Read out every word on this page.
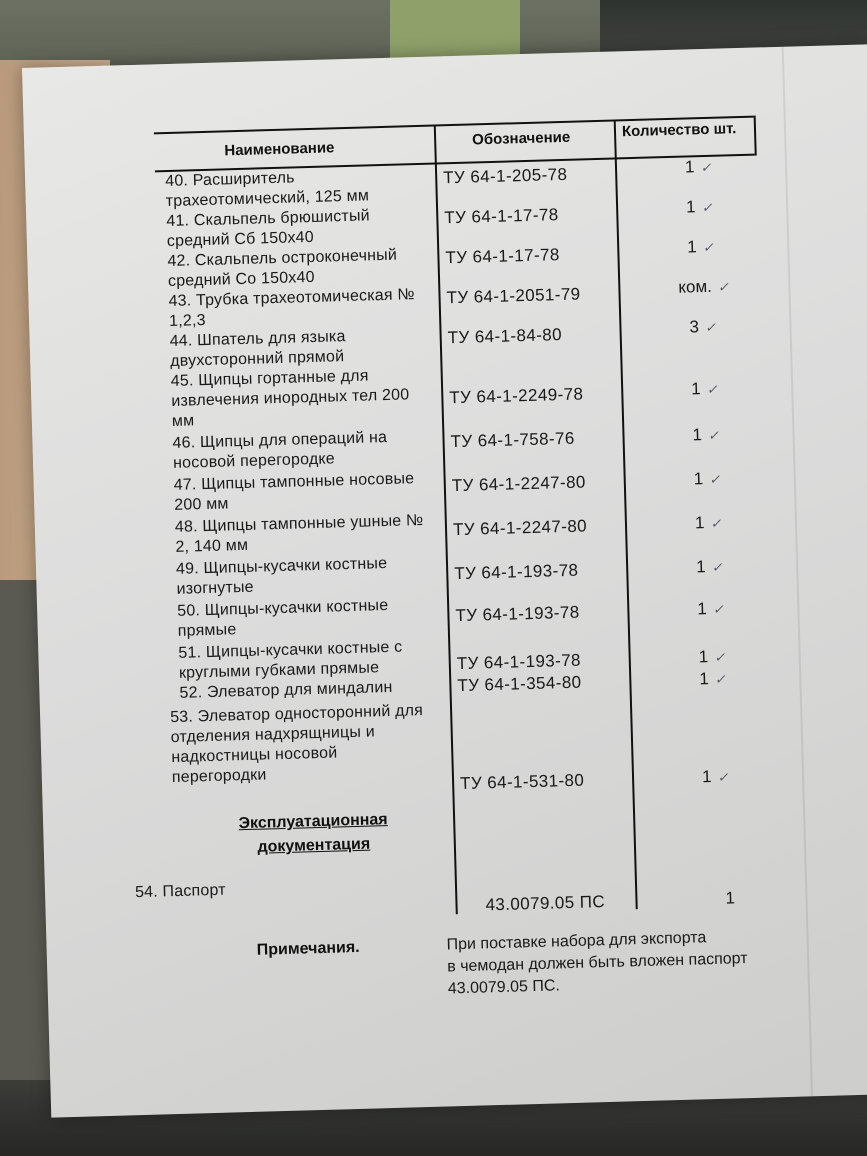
Наименование
Обозначение	Количество шт.
40. Расширитель
трахеотомический, 125 мм
ТУ 64-1-205-78	1 ✓
41. Скальпель брюшистый
средний Сб 150х40
ТУ 64-1-17-78	1 ✓
42. Скальпель остроконечный
средний Со 150х40
ТУ 64-1-17-78	1 ✓
43. Трубка трахеотомическая №
1,2,3
ТУ 64-1-2051-79	ком. ✓
44. Шпатель для языка
двухсторонний прямой
ТУ 64-1-84-80	3 ✓
45. Щипцы гортанные для
извлечения инородных тел 200
мм
ТУ 64-1-2249-78	1 ✓
46. Щипцы для операций на
носовой перегородке
ТУ 64-1-758-76	1 ✓
47. Щипцы тампонные носовые
200 мм
ТУ 64-1-2247-80	1 ✓
48. Щипцы тампонные ушные №
2, 140 мм
ТУ 64-1-2247-80	1 ✓
49. Щипцы-кусачки костные
изогнутые
ТУ 64-1-193-78	1 ✓
50. Щипцы-кусачки костные
прямые
ТУ 64-1-193-78	1 ✓
51. Щипцы-кусачки костные с
круглыми губками прямые	ТУ 64-1-193-78	1 ✓
52. Элеватор для миндалин	ТУ 64-1-354-80	1 ✓
53. Элеватор односторонний для
отделения надхрящницы и
надкостницы носовой
перегородки	ТУ 64-1-531-80	1 ✓
Эксплуатационная
документация
54. Паспорт
43.0079.05 ПС	1
Примечания.	При поставке набора для экспорта
в чемодан должен быть вложен паспорт
43.0079.05 ПС.
